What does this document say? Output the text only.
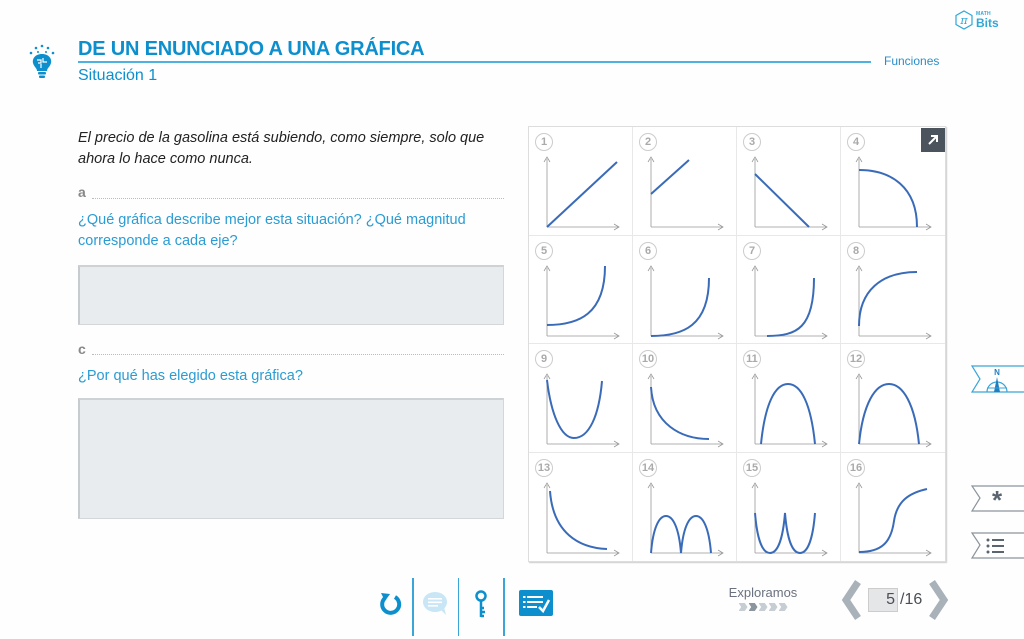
π
MATH
Bits
DE UN ENUNCIADO A UNA GRÁFICA
Situación 1
Funciones
El precio de la gasolina está subiendo, como siempre, solo que ahora lo hace como nunca.
a
¿Qué gráfica describe mejor esta situación? ¿Qué magnitud corresponde a cada eje?
c
¿Por qué has elegido esta gráfica?
1	2	3	4
5	6	7	8
9	10	11	12
13	14	15	16
N
*
Exploramos
5	/16
